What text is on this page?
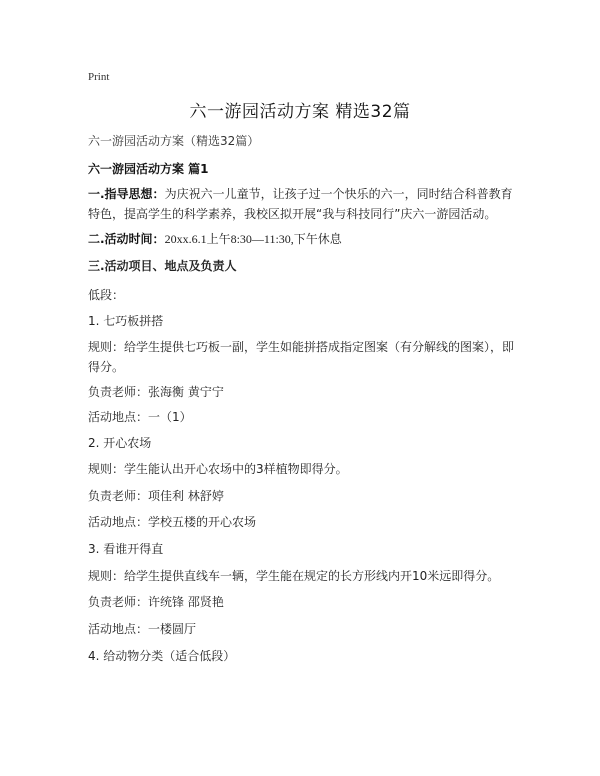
Print
六一游园活动方案 精选32篇
六一游园活动方案（精选32篇）
六一游园活动方案 篇1
一.指导思想：为庆祝六一儿童节，让孩子过一个快乐的六一，同时结合科普教育特色，提高学生的科学素养，我校区拟开展“我与科技同行”庆六一游园活动。
二.活动时间：20xx.6.1上午8:30—11:30,下午休息
三.活动项目、地点及负责人
低段：
1. 七巧板拼搭
规则：给学生提供七巧板一副，学生如能拼搭成指定图案（有分解线的图案），即得分。
负责老师：张海衡 黄宁宁
活动地点：一（1）
2. 开心农场
规则：学生能认出开心农场中的3样植物即得分。
负责老师：项佳利 林舒婷
活动地点：学校五楼的开心农场
3. 看谁开得直
规则：给学生提供直线车一辆，学生能在规定的长方形线内开10米远即得分。
负责老师：许统锋 邵贤艳
活动地点：一楼圆厅
4. 给动物分类（适合低段）
